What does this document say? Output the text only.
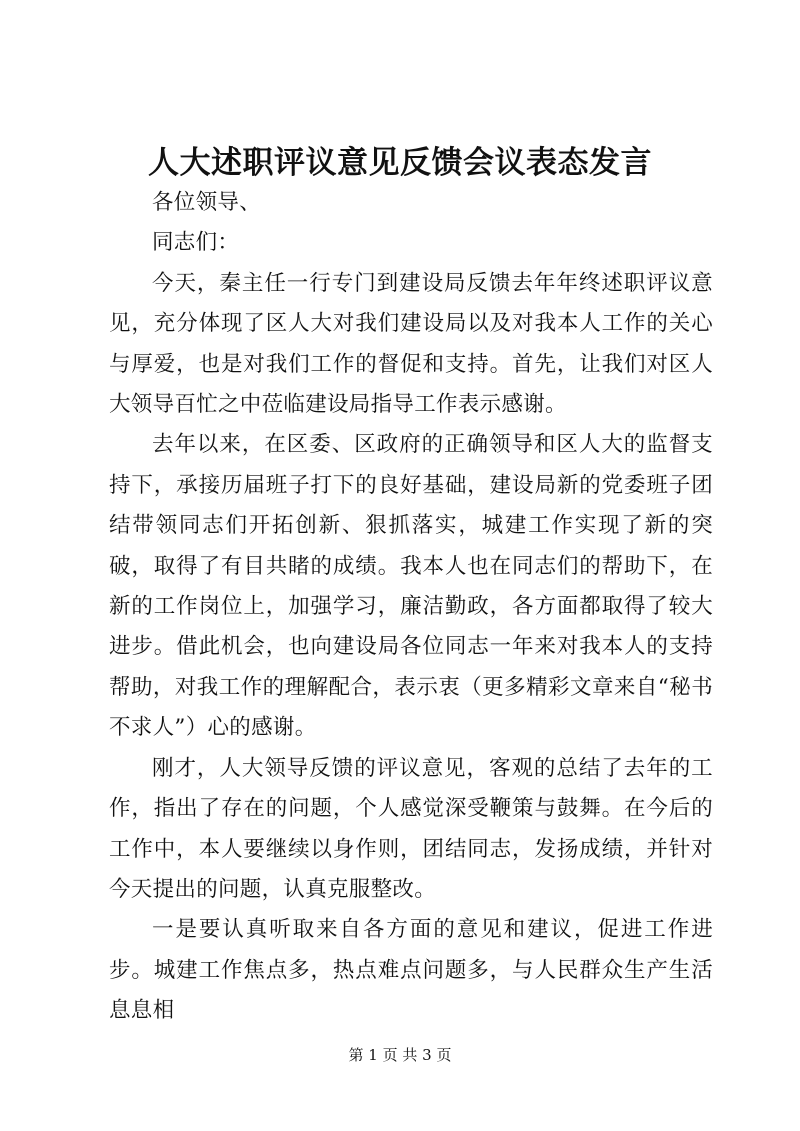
人大述职评议意见反馈会议表态发言

各位领导、

同志们：

今天，秦主任一行专门到建设局反馈去年年终述职评议意见，充分体现了区人大对我们建设局以及对我本人工作的关心与厚爱，也是对我们工作的督促和支持。首先，让我们对区人大领导百忙之中莅临建设局指导工作表示感谢。

去年以来，在区委、区政府的正确领导和区人大的监督支持下，承接历届班子打下的良好基础，建设局新的党委班子团结带领同志们开拓创新、狠抓落实，城建工作实现了新的突破，取得了有目共睹的成绩。我本人也在同志们的帮助下，在新的工作岗位上，加强学习，廉洁勤政，各方面都取得了较大进步。借此机会，也向建设局各位同志一年来对我本人的支持帮助，对我工作的理解配合，表示衷（更多精彩文章来自“秘书不求人”）心的感谢。

刚才，人大领导反馈的评议意见，客观的总结了去年的工作，指出了存在的问题，个人感觉深受鞭策与鼓舞。在今后的工作中，本人要继续以身作则，团结同志，发扬成绩，并针对今天提出的问题，认真克服整改。

一是要认真听取来自各方面的意见和建议，促进工作进步。城建工作焦点多，热点难点问题多，与人民群众生产生活息息相

第 1 页 共 3 页
